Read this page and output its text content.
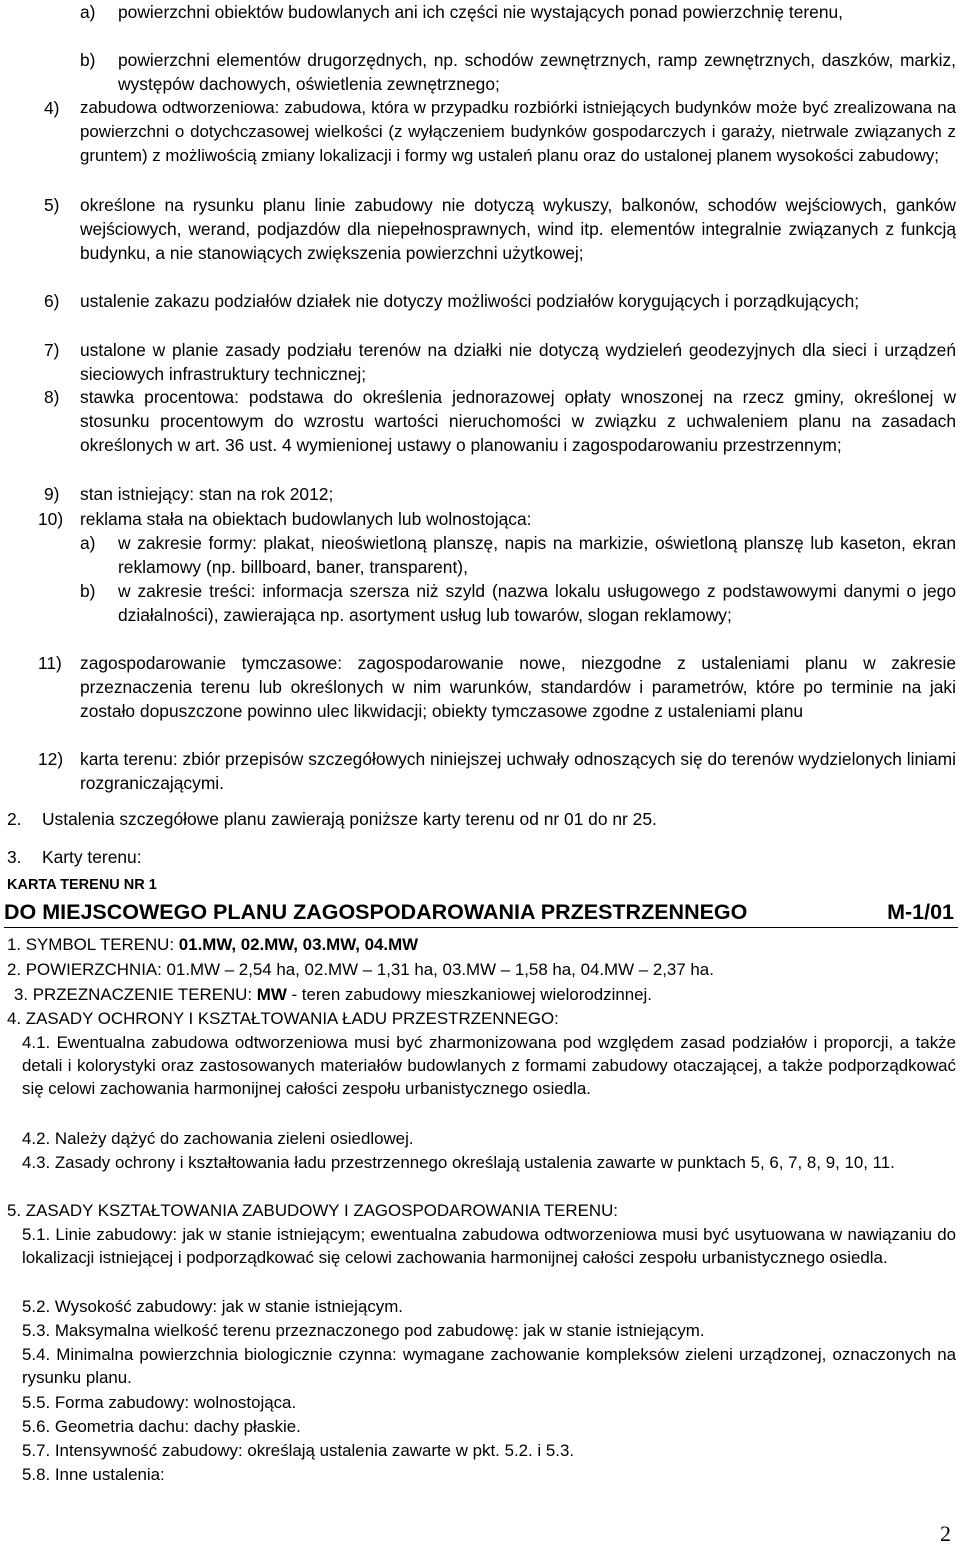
a) powierzchni obiektów budowlanych ani ich części nie wystających ponad powierzchnię terenu,
b) powierzchni elementów drugorzędnych, np. schodów zewnętrznych, ramp zewnętrznych, daszków, markiz, występów dachowych, oświetlenia zewnętrznego;
4) zabudowa odtworzeniowa: zabudowa, która w przypadku rozbiórki istniejących budynków może być zrealizowana na powierzchni o dotychczasowej wielkości (z wyłączeniem budynków gospodarczych i garaży, nietrwale związanych z gruntem) z możliwością zmiany lokalizacji i formy wg ustaleń planu oraz do ustalonej planem wysokości zabudowy;
5) określone na rysunku planu linie zabudowy nie dotyczą wykuszy, balkonów, schodów wejściowych, ganków wejściowych, werand, podjazdów dla niepełnosprawnych, wind itp. elementów integralnie związanych z funkcją budynku, a nie stanowiących zwiększenia powierzchni użytkowej;
6) ustalenie zakazu podziałów działek nie dotyczy możliwości podziałów korygujących i porządkujących;
7) ustalone w planie zasady podziału terenów na działki nie dotyczą wydzieleń geodezyjnych dla sieci i urządzeń sieciowych infrastruktury technicznej;
8) stawka procentowa: podstawa do określenia jednorazowej opłaty wnoszonej na rzecz gminy, określonej w stosunku procentowym do wzrostu wartości nieruchomości w związku z uchwaleniem planu na zasadach określonych w art. 36 ust. 4 wymienionej ustawy o planowaniu i zagospodarowaniu przestrzennym;
9) stan istniejący: stan na rok 2012;
10) reklama stała na obiektach budowlanych lub wolnostojąca:
a) w zakresie formy: plakat, nieoświetloną planszę, napis na markizie, oświetloną planszę lub kaseton, ekran reklamowy (np. billboard, baner, transparent),
b) w zakresie treści: informacja szersza niż szyld (nazwa lokalu usługowego z podstawowymi danymi o jego działalności), zawierająca np. asortyment usług lub towarów, slogan reklamowy;
11) zagospodarowanie tymczasowe: zagospodarowanie nowe, niezgodne z ustaleniami planu w zakresie przeznaczenia terenu lub określonych w nim warunków, standardów i parametrów, które po terminie na jaki zostało dopuszczone powinno ulec likwidacji; obiekty tymczasowe zgodne z ustaleniami planu
12) karta terenu: zbiór przepisów szczegółowych niniejszej uchwały odnoszących się do terenów wydzielonych liniami rozgraniczającymi.
2. Ustalenia szczegółowe planu zawierają poniższe karty terenu od nr 01 do nr 25.
3. Karty terenu:
KARTA TERENU NR 1
DO MIEJSCOWEGO PLANU ZAGOSPODAROWANIA PRZESTRZENNEGO	M-1/01
1. SYMBOL TERENU: 01.MW, 02.MW, 03.MW, 04.MW
2. POWIERZCHNIA: 01.MW – 2,54 ha, 02.MW – 1,31 ha, 03.MW – 1,58 ha, 04.MW – 2,37 ha.
3. PRZEZNACZENIE TERENU: MW - teren zabudowy mieszkaniowej wielorodzinnej.
4. ZASADY OCHRONY I KSZTAŁTOWANIA ŁADU PRZESTRZENNEGO:
4.1. Ewentualna zabudowa odtworzeniowa musi być zharmonizowana pod względem zasad podziałów i proporcji, a także detali i kolorystyki oraz zastosowanych materiałów budowlanych z formami zabudowy otaczającej, a także podporządkować się celowi zachowania harmonijnej całości zespołu urbanistycznego osiedla.
4.2. Należy dążyć do zachowania zieleni osiedlowej.
4.3. Zasady ochrony i kształtowania ładu przestrzennego określają ustalenia zawarte w punktach 5, 6, 7, 8, 9, 10, 11.
5. ZASADY KSZTAŁTOWANIA ZABUDOWY I ZAGOSPODAROWANIA TERENU:
5.1. Linie zabudowy: jak w stanie istniejącym; ewentualna zabudowa odtworzeniowa musi być usytuowana w nawiązaniu do lokalizacji istniejącej i podporządkować się celowi zachowania harmonijnej całości zespołu urbanistycznego osiedla.
5.2. Wysokość zabudowy: jak w stanie istniejącym.
5.3. Maksymalna wielkość terenu przeznaczonego pod zabudowę: jak w stanie istniejącym.
5.4. Minimalna powierzchnia biologicznie czynna: wymagane zachowanie kompleksów zieleni urządzonej, oznaczonych na rysunku planu.
5.5. Forma zabudowy: wolnostojąca.
5.6. Geometria dachu: dachy płaskie.
5.7. Intensywność zabudowy: określają ustalenia zawarte w pkt. 5.2. i 5.3.
5.8. Inne ustalenia:
2
